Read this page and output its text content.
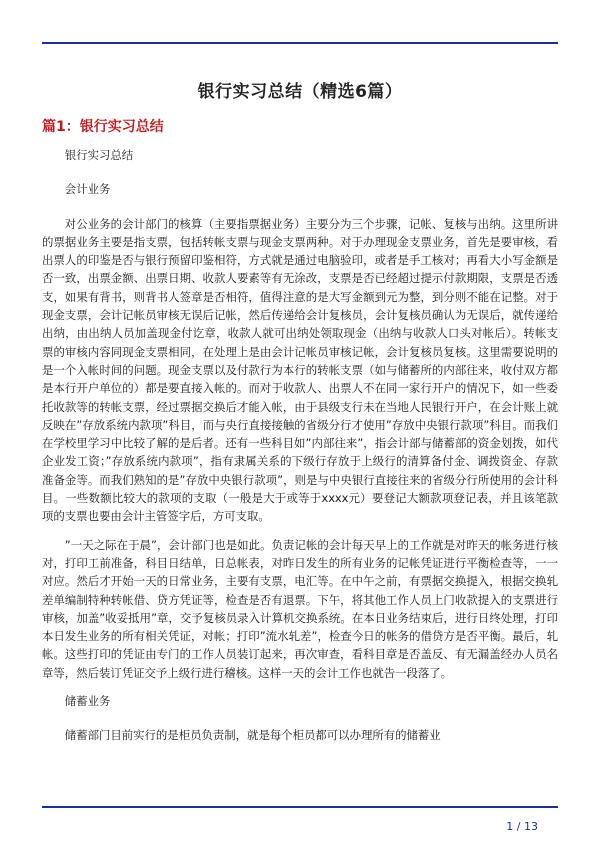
银行实习总结（精选6篇）
篇1：银行实习总结

银行实习总结

会计业务

对公业务的会计部门的核算（主要指票据业务）主要分为三个步骤，记帐、复核与出纳。这里所讲的票据业务主要是指支票，包括转帐支票与现金支票两种。对于办理现金支票业务，首先是要审核，看出票人的印鉴是否与银行预留印鉴相符，方式就是通过电脑验印，或者是手工核对；再看大小写金额是否一致，出票金额、出票日期、收款人要素等有无涂改，支票是否已经超过提示付款期限，支票是否透支，如果有背书，则背书人签章是否相符，值得注意的是大写金额到元为整，到分则不能在记整。对于现金支票，会计记帐员审核无误后记帐，然后传递给会计复核员，会计复核员确认为无误后，就传递给出纳，由出纳人员加盖现金付讫章，收款人就可出纳处领取现金（出纳与收款人口头对帐后）。转帐支票的审核内容同现金支票相同，在处理上是由会计记帐员审核记帐，会计复核员复核。这里需要说明的是一个入帐时间的问题。现金支票以及付款行为本行的转帐支票（如与储蓄所的内部往来，收付双方都是本行开户单位的）都是要直接入帐的。而对于收款人、出票人不在同一家行开户的情况下，如一些委托收款等的转帐支票，经过票据交换后才能入帐，由于县级支行未在当地人民银行开户，在会计账上就反映在”存放系统内款项”科目，而与央行直接接触的省级分行才使用”存放中央银行款项”科目。而我们在学校里学习中比较了解的是后者。还有一些科目如”内部往来”，指会计部与储蓄部的资金划拨，如代企业发工资；”存放系统内款项”，指有隶属关系的下级行存放于上级行的清算备付金、调拨资金、存款准备金等。而我们熟知的是”存放中央银行款项”，则是与中央银行直接往来的省级分行所使用的会计科目。一些数额比较大的款项的支取（一般是大于或等于xxxx元）要登记大额款项登记表，并且该笔款项的支票也要由会计主管签字后，方可支取。

”一天之际在于晨”，会计部门也是如此。负责记帐的会计每天早上的工作就是对昨天的帐务进行核对，打印工前准备，科目日结单，日总帐表，对昨日发生的所有业务的记帐凭证进行平衡检查等，一一对应。然后才开始一天的日常业务，主要有支票，电汇等。在中午之前，有票据交换提入，根据交换轧差单编制特种转帐借、贷方凭证等，检查是否有退票。下午，将其他工作人员上门收款提入的支票进行审核，加盖”收妥抵用”章，交予复核员录入计算机交换系统。在本日业务结束后，进行日终处理，打印本日发生业务的所有相关凭证，对帐；打印”流水轧差”，检查今日的帐务的借贷方是否平衡。最后，轧帐。这些打印的凭证由专门的工作人员装订起来，再次审查，看科目章是否盖反、有无漏盖经办人员名章等，然后装订凭证交予上级行进行稽核。这样一天的会计工作也就告一段落了。

储蓄业务

储蓄部门目前实行的是柜员负责制，就是每个柜员都可以办理所有的储蓄业

1 / 13
